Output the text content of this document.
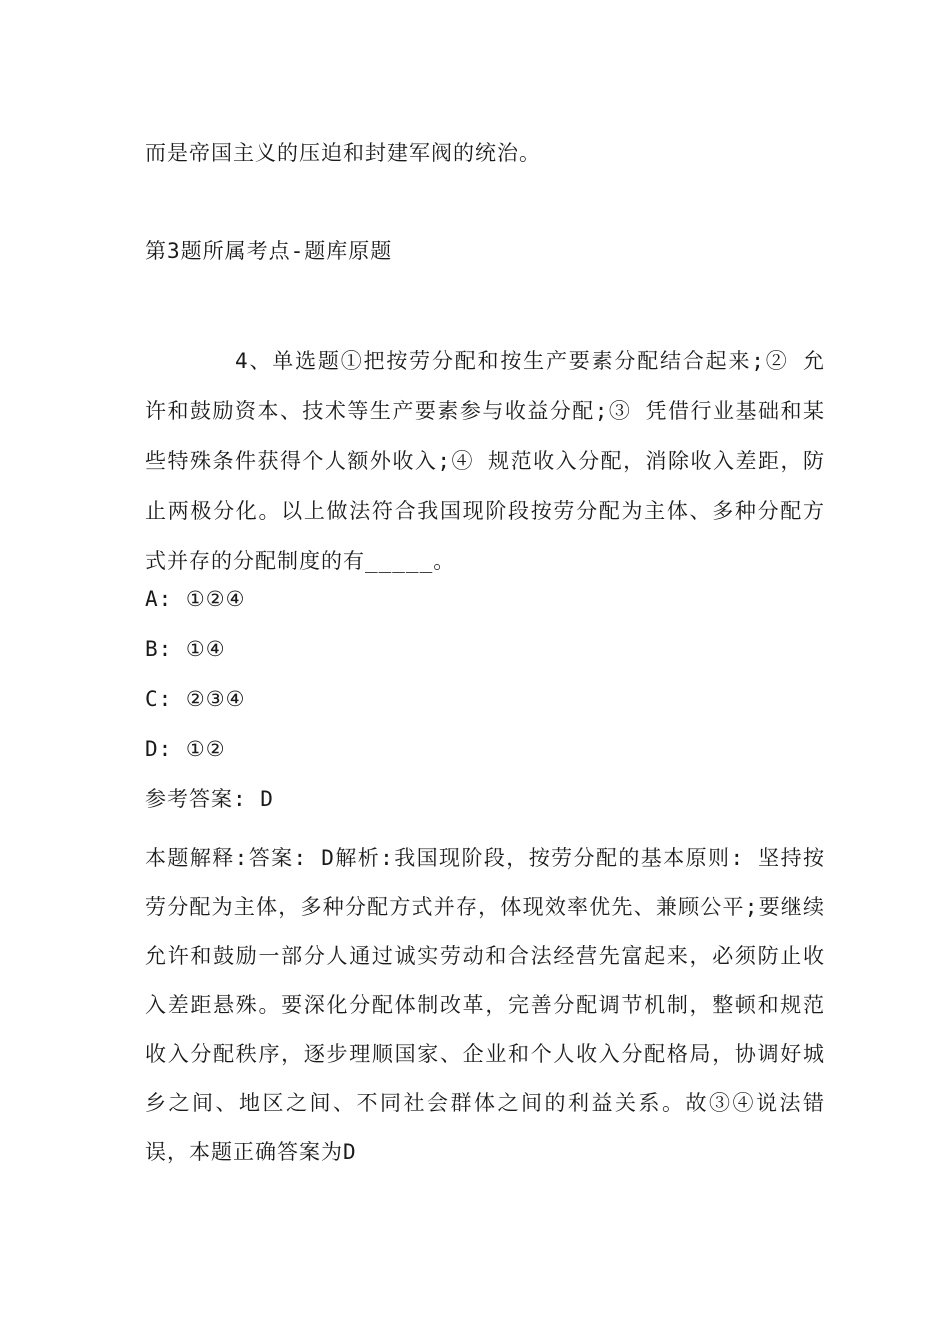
而是帝国主义的压迫和封建军阀的统治。
第3题所属考点-题库原题
4、单选题①把按劳分配和按生产要素分配结合起来;② 允许和鼓励资本、技术等生产要素参与收益分配;③ 凭借行业基础和某些特殊条件获得个人额外收入;④ 规范收入分配，消除收入差距，防止两极分化。以上做法符合我国现阶段按劳分配为主体、多种分配方式并存的分配制度的有_____。
A: ①②④
B: ①④
C: ②③④
D: ①②
参考答案: D
本题解释:答案: D解析:我国现阶段，按劳分配的基本原则: 坚持按劳分配为主体，多种分配方式并存，体现效率优先、兼顾公平;要继续允许和鼓励一部分人通过诚实劳动和合法经营先富起来，必须防止收入差距悬殊。要深化分配体制改革，完善分配调节机制，整顿和规范收入分配秩序，逐步理顺国家、企业和个人收入分配格局，协调好城乡之间、地区之间、不同社会群体之间的利益关系。故③④说法错误，本题正确答案为D
